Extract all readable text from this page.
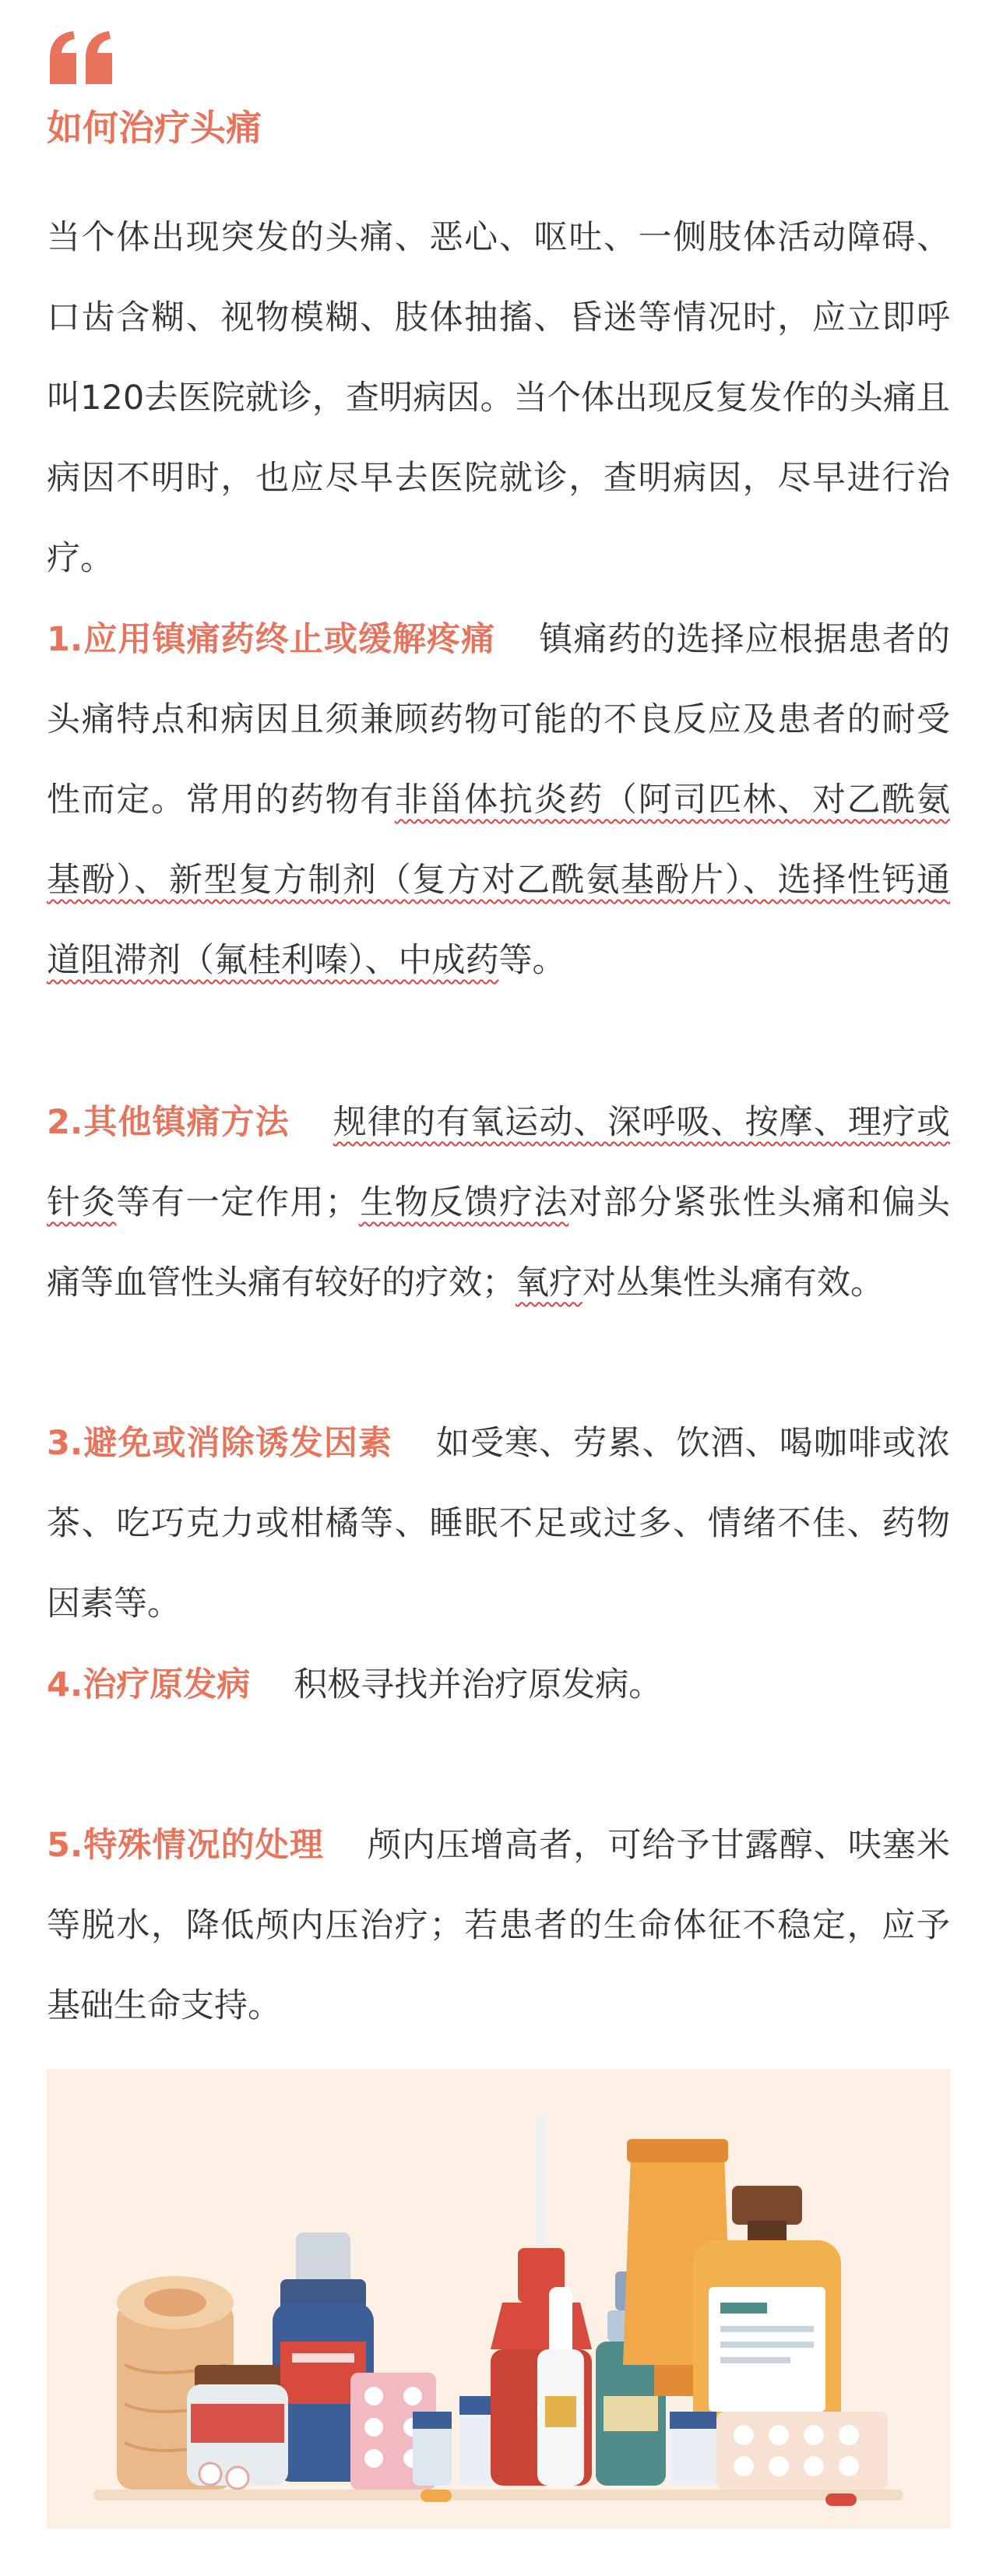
如何治疗头痛

当个体出现突发的头痛、恶心、呕吐、一侧肢体活动障碍、口齿含糊、视物模糊、肢体抽搐、昏迷等情况时，应立即呼叫120去医院就诊，查明病因。当个体出现反复发作的头痛且病因不明时，也应尽早去医院就诊，查明病因，尽早进行治疗。

1.应用镇痛药终止或缓解疼痛 镇痛药的选择应根据患者的头痛特点和病因且须兼顾药物可能的不良反应及患者的耐受性而定。常用的药物有非甾体抗炎药（阿司匹林、对乙酰氨基酚）、新型复方制剂（复方对乙酰氨基酚片）、选择性钙通道阻滞剂（氟桂利嗪）、中成药等。

2.其他镇痛方法 规律的有氧运动、深呼吸、按摩、理疗或针灸等有一定作用；生物反馈疗法对部分紧张性头痛和偏头痛等血管性头痛有较好的疗效；氧疗对丛集性头痛有效。

3.避免或消除诱发因素 如受寒、劳累、饮酒、喝咖啡或浓茶、吃巧克力或柑橘等、睡眠不足或过多、情绪不佳、药物因素等。

4.治疗原发病 积极寻找并治疗原发病。

5.特殊情况的处理 颅内压增高者，可给予甘露醇、呋塞米等脱水，降低颅内压治疗；若患者的生命体征不稳定，应予基础生命支持。
